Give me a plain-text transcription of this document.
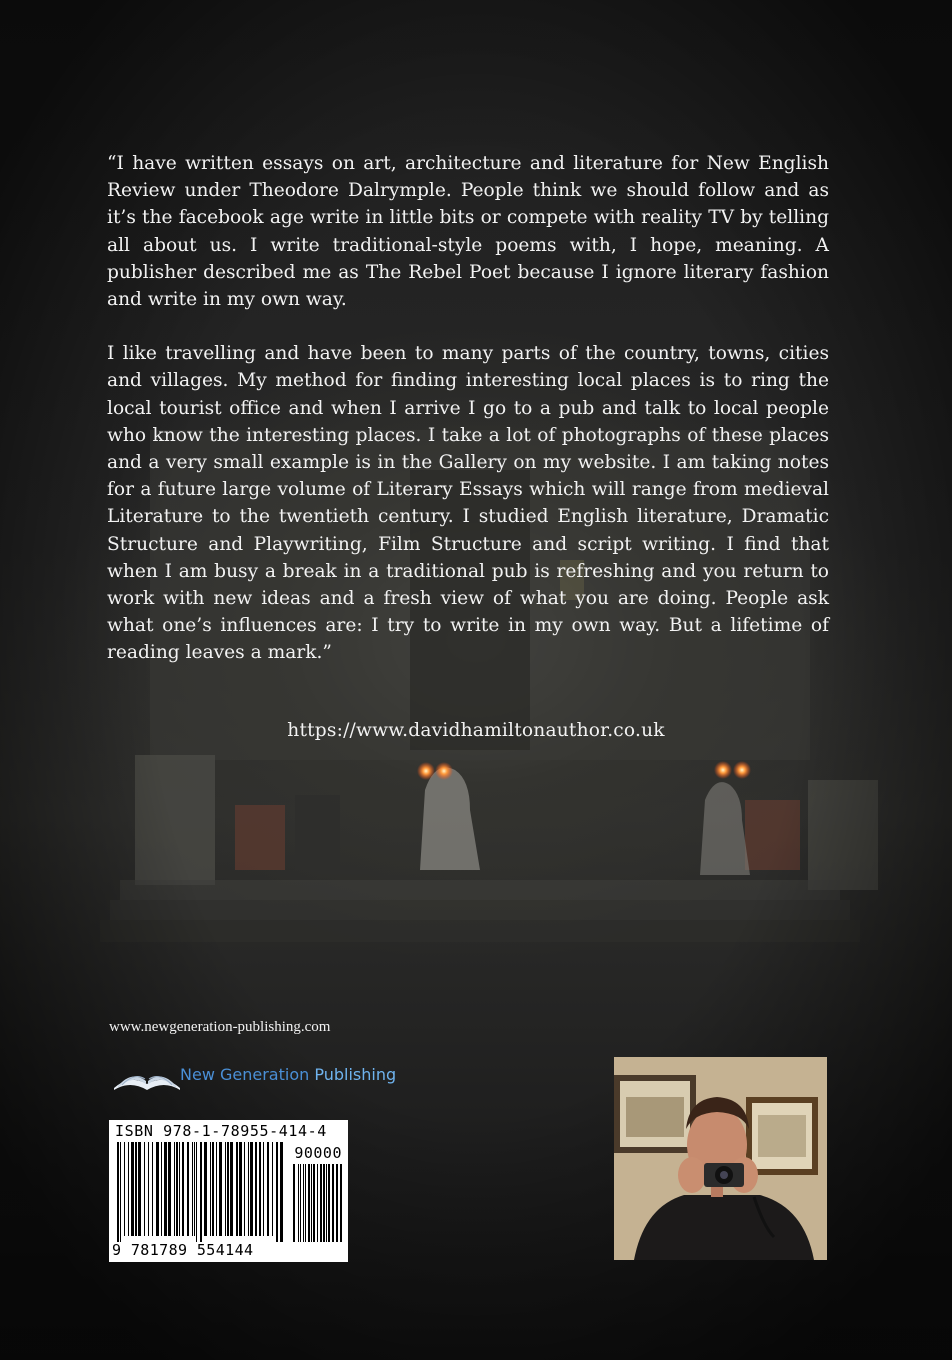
“I have written essays on art, architecture and literature for New English Review under Theodore Dalrymple. People think we should follow and as it’s the facebook age write in little bits or compete with reality TV by telling all about us. I write traditional-style poems with, I hope, meaning. A publisher described me as The Rebel Poet because I ignore literary fashion and write in my own way.

I like travelling and have been to many parts of the country, towns, cities and villages. My method for finding interesting local places is to ring the local tourist office and when I arrive I go to a pub and talk to local people who know the interesting places. I take a lot of photographs of these places and a very small example is in the Gallery on my website. I am taking notes for a future large volume of Literary Essays which will range from medieval Literature to the twentieth century. I studied English literature, Dramatic Structure and Playwriting, Film Structure and script writing. I find that when I am busy a break in a traditional pub is refreshing and you return to work with new ideas and a fresh view of what you are doing. People ask what one’s influences are: I try to write in my own way. But a lifetime of reading leaves a mark.”

https://www.davidhamiltonauthor.co.uk
www.newgeneration-publishing.com
New Generation Publishing
ISBN 978-1-78955-414-4
90000
9 781789 554144
